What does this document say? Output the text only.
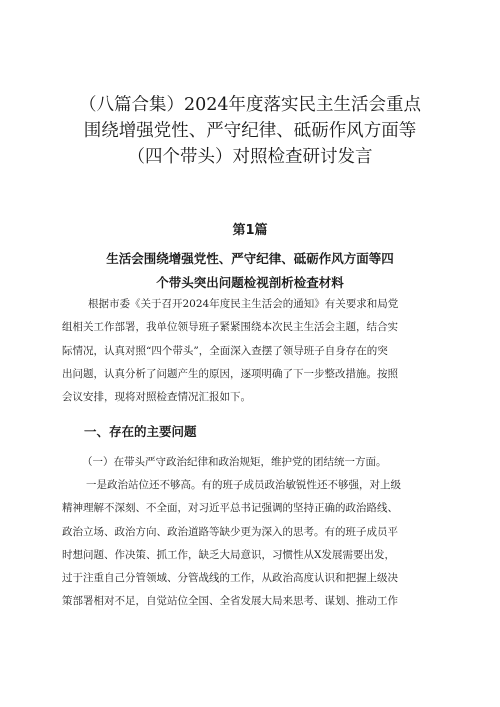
（八篇合集）2024年度落实民主生活会重点
围绕增强党性、严守纪律、砥砺作风方面等
（四个带头）对照检查研讨发言
第1篇
生活会围绕增强党性、严守纪律、砥砺作风方面等四
个带头突出问题检视剖析检查材料
根据市委《关于召开2024年度民主生活会的通知》有关要求和局党
组相关工作部署，我单位领导班子紧紧围绕本次民主生活会主题，结合实
际情况，认真对照“四个带头”，全面深入查摆了领导班子自身存在的突
出问题，认真分析了问题产生的原因，逐项明确了下一步整改措施。按照
会议安排，现将对照检查情况汇报如下。
一、存在的主要问题
（一）在带头严守政治纪律和政治规矩，维护党的团结统一方面。
一是政治站位还不够高。有的班子成员政治敏锐性还不够强，对上级
精神理解不深刻、不全面，对习近平总书记强调的坚持正确的政治路线、
政治立场、政治方向、政治道路等缺少更为深入的思考。有的班子成员平
时想问题、作决策、抓工作，缺乏大局意识，习惯性从X发展需要出发，
过于注重自己分管领域、分管战线的工作，从政治高度认识和把握上级决
策部署相对不足，自觉站位全国、全省发展大局来思考、谋划、推动工作
